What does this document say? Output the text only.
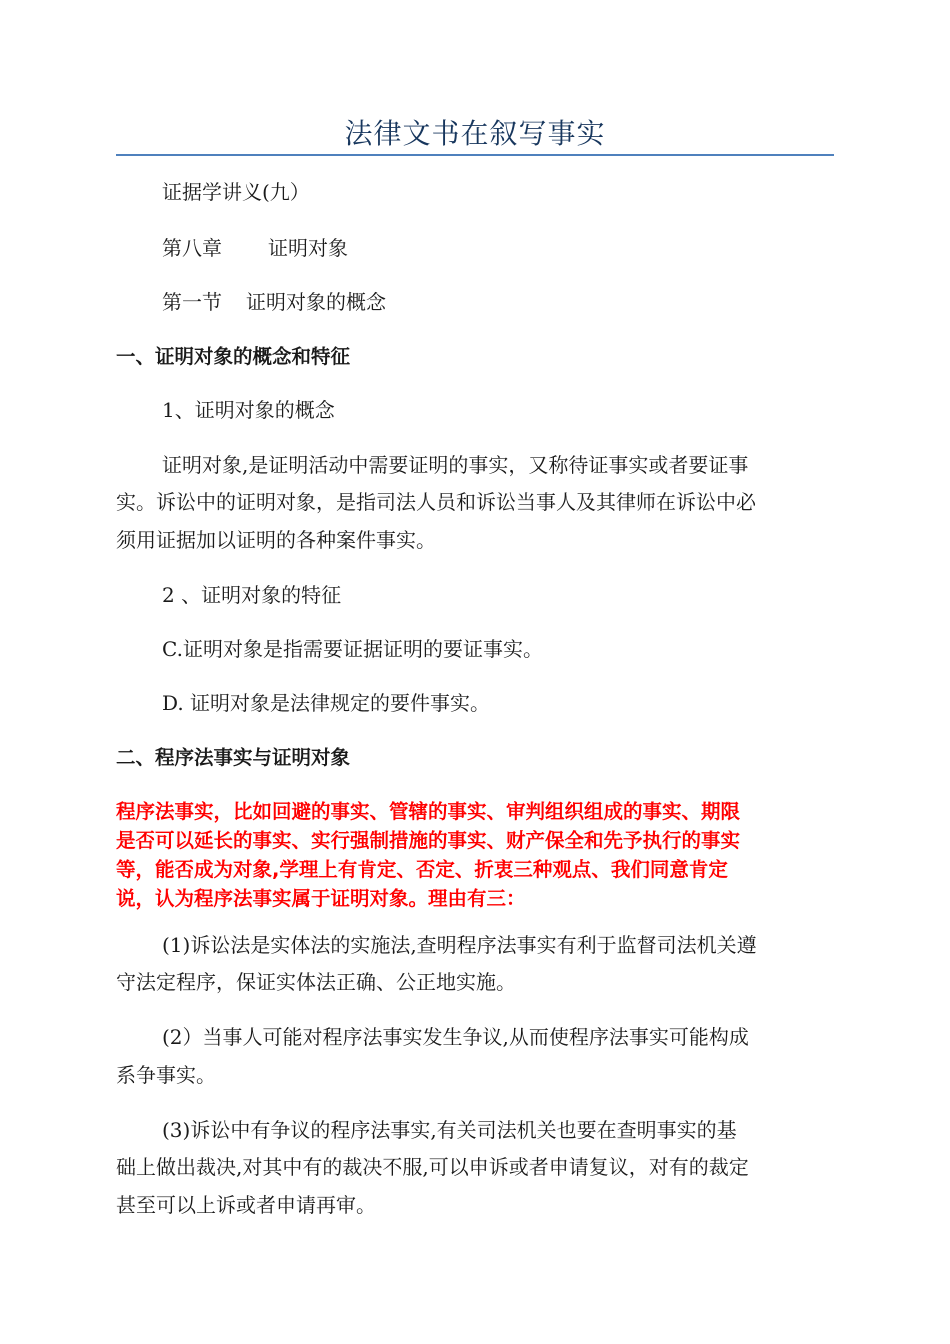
法律文书在叙写事实

证据学讲义(九）

第八章 证明对象

第一节 证明对象的概念

一、证明对象的概念和特征

1、证明对象的概念

证明对象,是证明活动中需要证明的事实，又称待证事实或者要证事

实。诉讼中的证明对象，是指司法人员和诉讼当事人及其律师在诉讼中必

须用证据加以证明的各种案件事实。

2 、证明对象的特征

C.证明对象是指需要证据证明的要证事实。

D. 证明对象是法律规定的要件事实。

二、程序法事实与证明对象

程序法事实，比如回避的事实、管辖的事实、审判组织组成的事实、期限

是否可以延长的事实、实行强制措施的事实、财产保全和先予执行的事实

等，能否成为对象,学理上有肯定、否定、折衷三种观点、我们同意肯定

说，认为程序法事实属于证明对象。理由有三：

(1)诉讼法是实体法的实施法,查明程序法事实有利于监督司法机关遵

守法定程序，保证实体法正确、公正地实施。

(2）当事人可能对程序法事实发生争议,从而使程序法事实可能构成

系争事实。

(3)诉讼中有争议的程序法事实,有关司法机关也要在查明事实的基

础上做出裁决,对其中有的裁决不服,可以申诉或者申请复议，对有的裁定

甚至可以上诉或者申请再审。
